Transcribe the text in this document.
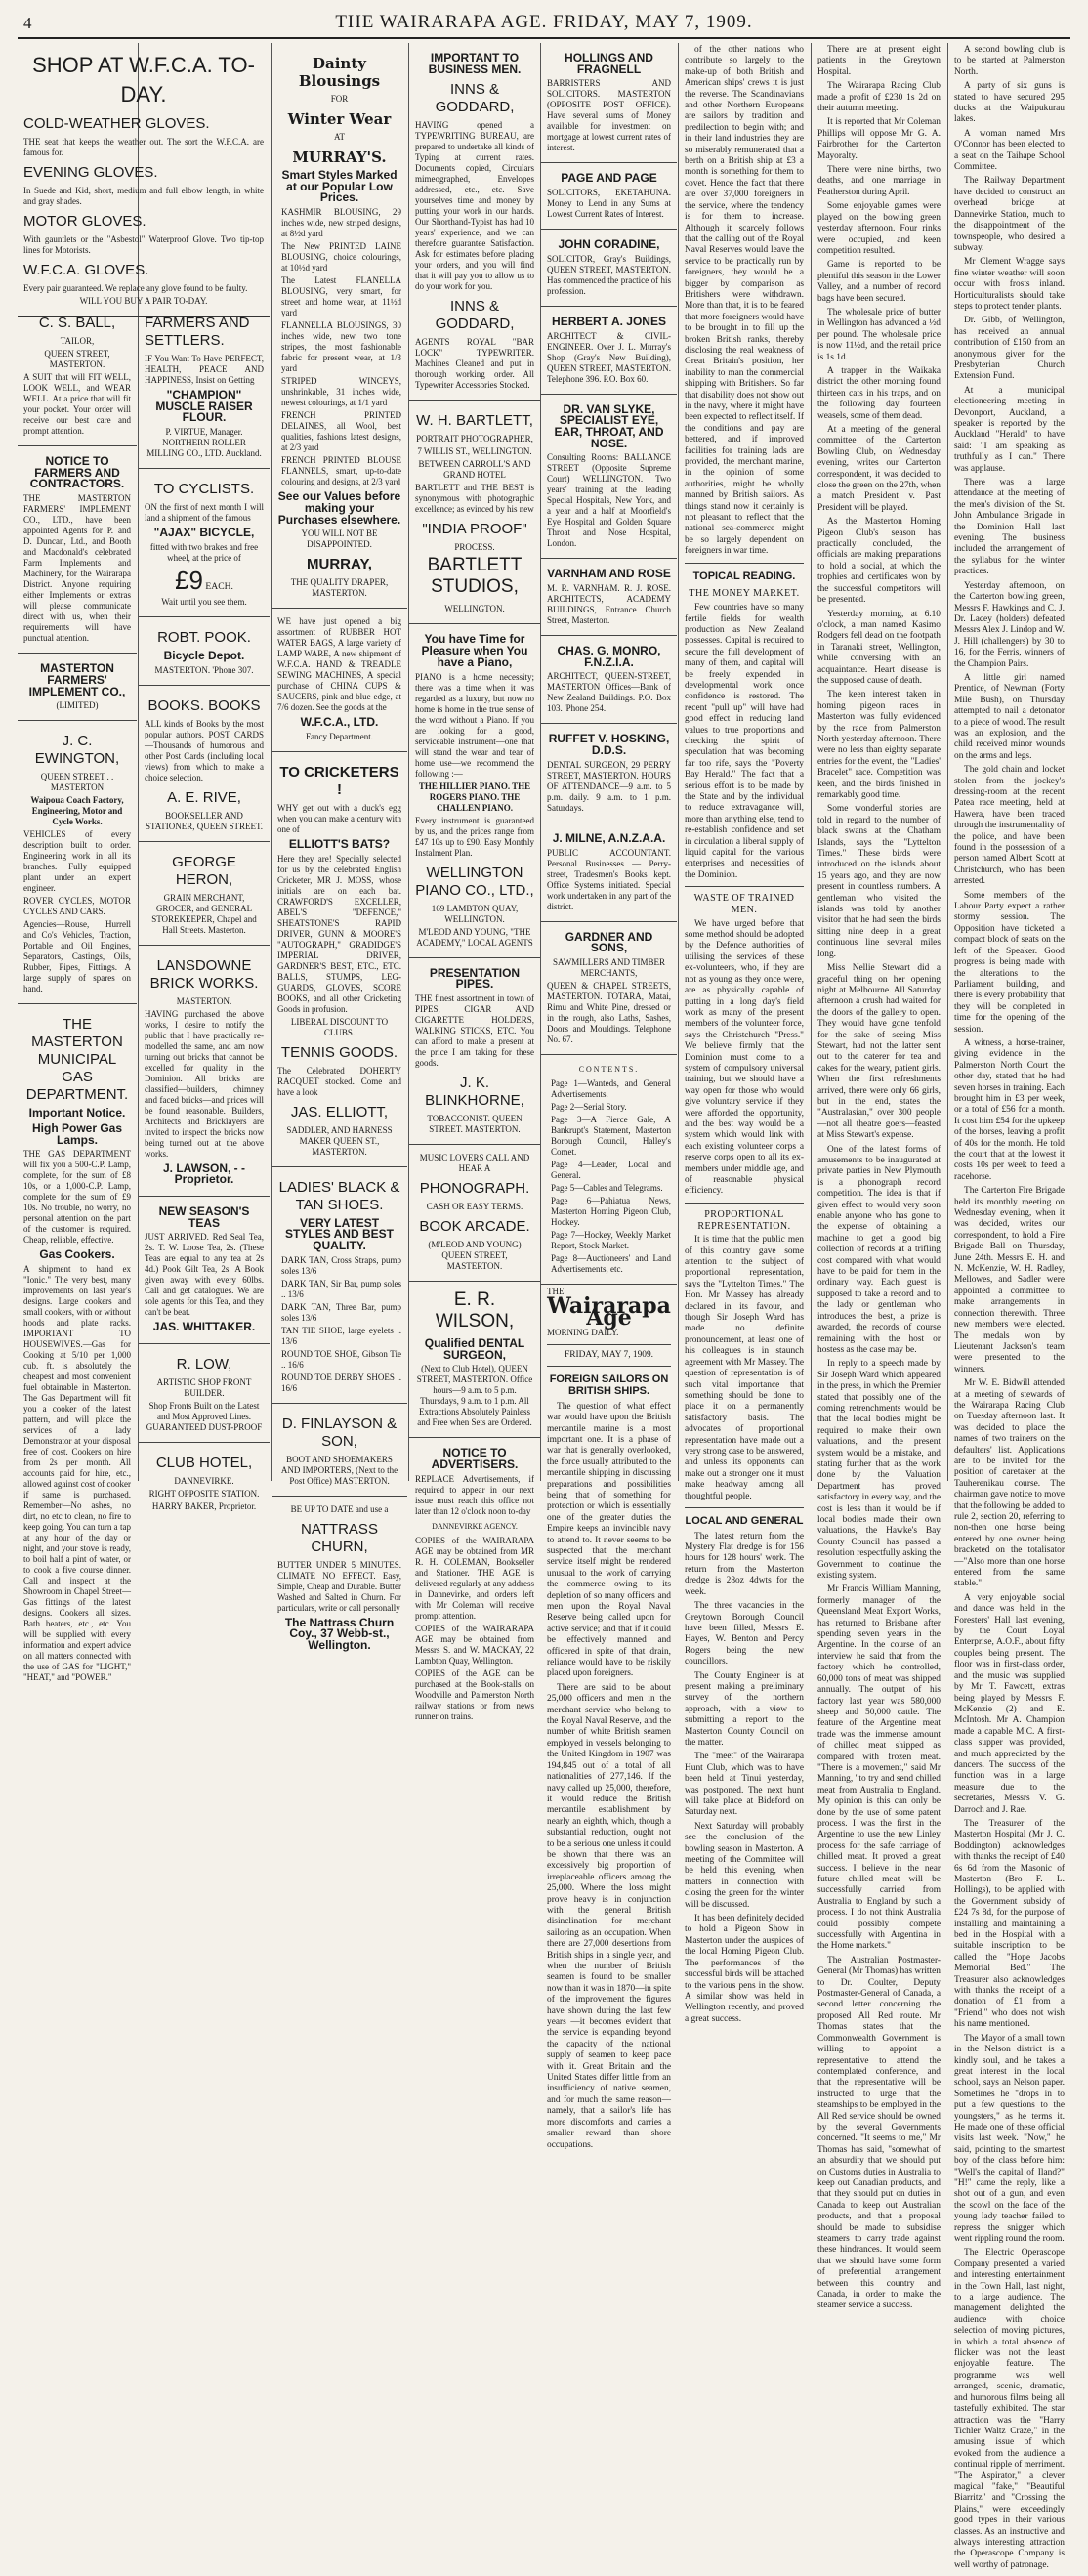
4	THE WAIRARAPA AGE. FRIDAY, MAY 7, 1909.
SHOP AT W.F.C.A. TO-DAY.
COLD-WEATHER GLOVES.

THE seat that keeps the weather out. The sort the W.F.C.A. are famous for.

EVENING GLOVES.

In Suede and Kid, short, medium and full elbow length, in white and gray shades.

MOTOR GLOVES.

With gauntlets or the "Asbestol" Waterproof Glove. Two tip-top lines for Motorists.

W.F.C.A. GLOVES.

Every pair guaranteed. We replace any glove found to be faulty.

WILL YOU BUY A PAIR TO-DAY.

C. S. BALL,

TAILOR,

QUEEN STREET, MASTERTON.

A SUIT that will FIT WELL, LOOK WELL, and WEAR WELL. At a price that will fit your pocket. Your order will receive our best care and prompt attention.

NOTICE TO FARMERS AND CONTRACTORS.

THE MASTERTON FARMERS' IMPLEMENT CO., LTD., have been appointed Agents for P. and D. Duncan, Ltd., and Booth and Macdonald's celebrated Farm Implements and Machinery, for the Wairarapa District. Anyone requiring either Implements or extras will please communicate direct with us, when their requirements will have punctual attention.

MASTERTON FARMERS' IMPLEMENT CO.,

(LIMITED)

J. C. EWINGTON,

QUEEN STREET . . MASTERTON

Waipoua Coach Factory, Engineering, Motor and Cycle Works.

VEHICLES of every description built to order. Engineering work in all its branches. Fully equipped plant under an expert engineer.

ROVER CYCLES, MOTOR CYCLES AND CARS.

Agencies—Rouse, Hurrell and Co's Vehicles, Traction, Portable and Oil Engines, Separators, Castings, Oils, Rubber, Pipes, Fittings. A large supply of spares on hand.

THE MASTERTON MUNICIPAL GAS DEPARTMENT.
Important Notice.
High Power Gas Lamps.

THE GAS DEPARTMENT will fix you a 500-C.P. Lamp, complete, for the sum of £8 10s, or a 1,000-C.P. Lamp, complete for the sum of £9 10s. No trouble, no worry, no personal attention on the part of the customer is required. Cheap, reliable, effective.

Gas Cookers.

A shipment to hand ex "Ionic." The very best, many improvements on last year's designs. Large cookers and small cookers, with or without hoods and plate racks. IMPORTANT TO HOUSEWIVES.—Gas for Cooking at 5/10 per 1,000 cub. ft. is absolutely the cheapest and most convenient fuel obtainable in Masterton. The Gas Department will fit you a cooker of the latest pattern, and will place the services of a lady Demonstrator at your disposal free of cost. Cookers on hire from 2s per month. All accounts paid for hire, etc., allowed against cost of cooker if same is purchased. Remember—No ashes, no dirt, no etc to clean, no fire to keep going. You can turn a tap at any hour of the day or night, and your stove is ready, to boil half a pint of water, or to cook a five course dinner. Call and inspect at the Showroom in Chapel Street—Gas fittings of the latest designs. Cookers all sizes. Bath heaters, etc., etc. You will be supplied with every information and expert advice on all matters connected with the use of GAS for "LIGHT," "HEAT," and "POWER."

FARMERS AND SETTLERS.

IF You Want To Have PERFECT, HEALTH, PEACE AND HAPPINESS, Insist on Getting

"CHAMPION" MUSCLE RAISER FLOUR.

P. VIRTUE, Manager. NORTHERN ROLLER MILLING CO., LTD. Auckland.

TO CYCLISTS.

ON the first of next month I will land a shipment of the famous

"AJAX" BICYCLE,

fitted with two brakes and free wheel, at the price of

£9 EACH.

Wait until you see them.

ROBT. POOK.
Bicycle Depot.

MASTERTON. 'Phone 307.

BOOKS. BOOKS

ALL kinds of Books by the most popular authors. POST CARDS—Thousands of humorous and other Post Cards (including local views) from which to make a choice selection.

A. E. RIVE,

BOOKSELLER AND STATIONER, QUEEN STREET.

GEORGE HERON,

GRAIN MERCHANT, GROCER, and GENERAL STOREKEEPER, Chapel and Hall Streets. Masterton.

LANSDOWNE BRICK WORKS.

MASTERTON.

HAVING purchased the above works, I desire to notify the public that I have practically re-modelled the same, and am now turning out bricks that cannot be excelled for quality in the Dominion. All bricks are classified—builders, chimney and faced bricks—and prices will be found reasonable. Builders, Architects and Bricklayers are invited to inspect the bricks now being turned out at the above works.

J. LAWSON, - - Proprietor.
NEW SEASON'S TEAS

JUST ARRIVED. Red Seal Tea, 2s. T. W. Loose Tea, 2s. (These Teas are equal to any tea at 2s 4d.) Pook Gilt Tea, 2s. A Book given away with every 60lbs. Call and get catalogues. We are sole agents for this Tea, and they can't be beat.

JAS. WHITTAKER.
R. LOW,

ARTISTIC SHOP FRONT BUILDER.

Shop Fronts Built on the Latest and Most Approved Lines. GUARANTEED DUST-PROOF

CLUB HOTEL,

DANNEVIRKE.

RIGHT OPPOSITE STATION.

HARRY BAKER, Proprietor.

Dainty Blousings

FOR

Winter Wear

AT

MURRAY'S.
Smart Styles Marked at our Popular Low Prices.

KASHMIR BLOUSING, 29 inches wide, new striped designs, at 8½d yard

The New PRINTED LAINE BLOUSING, choice colourings, at 10½d yard

The Latest FLANELLA BLOUSING, very smart, for street and home wear, at 11½d yard

FLANNELLA BLOUSINGS, 30 inches wide, new two tone stripes, the most fashionable fabric for present wear, at 1/3 yard

STRIPED WINCEYS, unshrinkable, 31 inches wide, newest colourings, at 1/1 yard

FRENCH PRINTED DELAINES, all Wool, best qualities, fashions latest designs, at 2/3 yard

FRENCH PRINTED BLOUSE FLANNELS, smart, up-to-date colouring and designs, at 2/3 yard

See our Values before making your Purchases elsewhere.

YOU WILL NOT BE DISAPPOINTED.

MURRAY,

THE QUALITY DRAPER, MASTERTON.

WE have just opened a big assortment of RUBBER HOT WATER BAGS, A large variety of LAMP WARE, A new shipment of W.F.C.A. HAND & TREADLE SEWING MACHINES, A special purchase of CHINA CUPS & SAUCERS, pink and blue edge, at 7/6 dozen. See the goods at the

W.F.C.A., LTD.

Fancy Department.

TO CRICKETERS !

WHY get out with a duck's egg when you can make a century with one of

ELLIOTT'S BATS?

Here they are! Specially selected for us by the celebrated English Cricketer, MR J. MOSS, whose initials are on each bat. CRAWFORD'S EXCELLER, ABEL'S "DEFENCE," SHEATSTONE'S RAPID DRIVER, GUNN & MOORE'S "AUTOGRAPH," GRADIDGE'S IMPERIAL DRIVER, GARDNER'S BEST, ETC., ETC. BALLS, STUMPS, LEG-GUARDS, GLOVES, SCORE BOOKS, and all other Cricketing Goods in profusion.

LIBERAL DISCOUNT TO CLUBS.

TENNIS GOODS.

The Celebrated DOHERTY RACQUET stocked. Come and have a look

JAS. ELLIOTT,

SADDLER, AND HARNESS MAKER QUEEN ST., MASTERTON.

LADIES' BLACK & TAN SHOES.
VERY LATEST STYLES AND BEST QUALITY.

DARK TAN, Cross Straps, pump soles 13/6

DARK TAN, Sir Bar, pump soles .. 13/6

DARK TAN, Three Bar, pump soles 13/6

TAN TIE SHOE, large eyelets .. 13/6

ROUND TOE SHOE, Gibson Tie .. 16/6

ROUND TOE DERBY SHOES .. 16/6

D. FINLAYSON & SON,

BOOT AND SHOEMAKERS AND IMPORTERS, (Next to the Post Office) MASTERTON.

BE UP TO DATE and use a

NATTRASS CHURN,

BUTTER UNDER 5 MINUTES. CLIMATE NO EFFECT. Easy, Simple, Cheap and Durable. Butter Washed and Salted in Churn. For particulars, write or call personally

The Nattrass Churn Coy., 37 Webb-st., Wellington.
IMPORTANT TO BUSINESS MEN.
INNS & GODDARD,

HAVING opened a TYPEWRITING BUREAU, are prepared to undertake all kinds of Typing at current rates. Documents copied, Circulars mimeographed, Envelopes addressed, etc., etc. Save yourselves time and money by putting your work in our hands. Our Shorthand-Typist has had 10 years' experience, and we can therefore guarantee Satisfaction. Ask for estimates before placing your orders, and you will find that it will pay you to allow us to do your work for you.

INNS & GODDARD,

AGENTS ROYAL "BAR LOCK" TYPEWRITER. Machines Cleaned and put in thorough working order. All Typewriter Accessories Stocked.

W. H. BARTLETT,

PORTRAIT PHOTOGRAPHER,

7 WILLIS ST., WELLINGTON.

BETWEEN CARROLL'S AND GRAND HOTEL

BARTLETT and THE BEST is synonymous with photographic excellence; as evinced by his new

"INDIA PROOF"

PROCESS.

BARTLETT STUDIOS,

WELLINGTON.

You have Time for Pleasure when You have a Piano,

PIANO is a home necessity; there was a time when it was regarded as a luxury, but now no home is home in the true sense of the word without a Piano. If you are looking for a good, serviceable instrument—one that will stand the wear and tear of home use—we recommend the following :—

THE HILLIER PIANO. THE ROGERS PIANO. THE CHALLEN PIANO.

Every instrument is guaranteed by us, and the prices range from £47 10s up to £90. Easy Monthly Instalment Plan.

WELLINGTON PIANO CO., LTD.,

169 LAMBTON QUAY, WELLINGTON.

M'LEOD AND YOUNG, "THE ACADEMY," LOCAL AGENTS

PRESENTATION PIPES.

THE finest assortment in town of PIPES, CIGAR AND CIGARETTE HOLDERS, WALKING STICKS, ETC. You can afford to make a present at the price I am taking for these goods.

J. K. BLINKHORNE,

TOBACCONIST. QUEEN STREET. MASTERTON.

MUSIC LOVERS CALL AND HEAR A

PHONOGRAPH.

CASH OR EASY TERMS.

BOOK ARCADE.

(M'LEOD AND YOUNG) QUEEN STREET, MASTERTON.

E. R. WILSON,
Qualified DENTAL SURGEON,

(Next to Club Hotel), QUEEN STREET, MASTERTON. Office hours—9 a.m. to 5 p.m. Thursdays, 9 a.m. to 1 p.m. All Extractions Absolutely Painless and Free when Sets are Ordered.

NOTICE TO ADVERTISERS.

REPLACE Advertisements, if required to appear in our next issue must reach this office not later than 12 o'clock noon to-day

DANNEVIRKE AGENCY.

COPIES of the WAIRARAPA AGE may be obtained from MR R. H. COLEMAN, Bookseller and Stationer. THE AGE is delivered regularly at any address in Dannevirke, and orders left with Mr Coleman will receive prompt attention.

COPIES of the WAIRARAPA AGE may be obtained from Messrs S. and W. MACKAY, 22 Lambton Quay, Wellington.

COPIES of the AGE can be purchased at the Book-stalls on Woodville and Palmerston North railway stations or from news runner on trains.

HOLLINGS AND FRAGNELL

BARRISTERS AND SOLICITORS. MASTERTON (OPPOSITE POST OFFICE). Have several sums of Money available for investment on mortgage at lowest current rates of interest.

PAGE AND PAGE

SOLICITORS, EKETAHUNA. Money to Lend in any Sums at Lowest Current Rates of Interest.

JOHN CORADINE,

SOLICITOR, Gray's Buildings, QUEEN STREET, MASTERTON. Has commenced the practice of his profession.

HERBERT A. JONES

ARCHITECT & CIVIL-ENGINEER. Over J. L. Murray's Shop (Gray's New Building), QUEEN STREET, MASTERTON. Telephone 396. P.O. Box 60.

DR. VAN SLYKE, SPECIALIST EYE, EAR, THROAT, AND NOSE.

Consulting Rooms: BALLANCE STREET (Opposite Supreme Court) WELLINGTON. Two years' training at the leading Special Hospitals, New York, and a year and a half at Moorfield's Eye Hospital and Golden Square Throat and Nose Hospital, London.

VARNHAM AND ROSE

M. R. VARNHAM. R. J. ROSE. ARCHITECTS, ACADEMY BUILDINGS, Entrance Church Street, Masterton.

CHAS. G. MONRO, F.N.Z.I.A.

ARCHITECT, QUEEN-STREET, MASTERTON Offices—Bank of New Zealand Buildings. P.O. Box 103. 'Phone 254.

RUFFET V. HOSKING, D.D.S.

DENTAL SURGEON, 29 PERRY STREET, MASTERTON. HOURS OF ATTENDANCE—9 a.m. to 5 p.m. daily. 9 a.m. to 1 p.m. Saturdays.

J. MILNE, A.N.Z.A.A.

PUBLIC ACCOUNTANT. Personal Businesses — Perry-street, Tradesmen's Books kept. Office Systems initiated. Special work undertaken in any part of the district.

GARDNER AND SONS,

SAWMILLERS AND TIMBER MERCHANTS,

QUEEN & CHAPEL STREETS, MASTERTON. TOTARA, Matai, Rimu and White Pine, dressed or in the rough, also Laths, Sashes, Doors and Mouldings. Telephone No. 67.

CONTENTS.

Page 1—Wanteds, and General Advertisements.

Page 2—Serial Story.

Page 3—A Fierce Gale, A Bankrupt's Statement, Masterton Borough Council, Halley's Comet.

Page 4—Leader, Local and General.

Page 5—Cables and Telegrams.

Page 6—Pahiatua News, Masterton Homing Pigeon Club, Hockey.

Page 7—Hockey, Weekly Market Report, Stock Market.

Page 8—Auctioneers' and Land Advertisements, etc.

THE

Wairarapa Age

MORNING DAILY.

FRIDAY, MAY 7, 1909.

FOREIGN SAILORS ON BRITISH SHIPS.

The question of what effect war would have upon the British mercantile marine is a most important one. It is a phase of war that is generally overlooked, the force usually attributed to the mercantile shipping in discussing preparations and possibilities being that of something for protection or which is essentially one of the greater duties the Empire keeps an invincible navy to attend to. It never seems to be suspected that the merchant service itself might be rendered unusual to the work of carrying the commerce owing to its depletion of so many officers and men upon the Royal Naval Reserve being called upon for active service; and that if it could be effectively manned and officered in spite of that drain, reliance would have to be riskily placed upon foreigners.

There are said to be about 25,000 officers and men in the merchant service who belong to the Royal Naval Reserve, and the number of white British seamen employed in vessels belonging to the United Kingdom in 1907 was 194,845 out of a total of all nationalities of 277,146. If the navy called up 25,000, therefore, it would reduce the British mercantile establishment by nearly an eighth, which, though a substantial reduction, ought not to be a serious one unless it could be shown that there was an excessively big proportion of irreplaceable officers among the 25,000. Where the loss might prove heavy is in conjunction with the general British disinclination for merchant sailoring as an occupation. When there are 27,000 desertions from British ships in a single year, and when the number of British seamen is found to be smaller now than it was in 1870—in spite of the improvement the figures have shown during the last few years —it becomes evident that the service is expanding beyond the capacity of the national supply of seamen to keep pace with it. Great Britain and the United States differ little from an insufficiency of native seamen, and for much the same reason—namely, that a sailor's life has more discomforts and carries a smaller reward than shore occupations.

of the other nations who contribute so largely to the make-up of both British and American ships' crews it is just the reverse. The Scandinavians and other Northern Europeans are sailors by tradition and predilection to begin with; and in their land industries they are so miserably remunerated that a berth on a British ship at £3 a month is something for them to covet. Hence the fact that there are over 37,000 foreigners in the service, where the tendency is for them to increase. Although it scarcely follows that the calling out of the Royal Naval Reserves would leave the service to be practically run by foreigners, they would be a bigger by comparison as Britishers were withdrawn. More than that, it is to be feared that more foreigners would have to be brought in to fill up the broken British ranks, thereby disclosing the real weakness of Great Britain's position, her inability to man the commercial shipping with Britishers. So far that disability does not show out in the navy, where it might have been expected to reflect itself. If the conditions and pay are bettered, and if improved facilities for training lads are provided, the merchant marine, in the opinion of some authorities, might be wholly manned by British sailors. As things stand now it certainly is not pleasant to reflect that the national sea-commerce might be so largely dependent on foreigners in war time.

TOPICAL READING.
THE MONEY MARKET.

Few countries have so many fertile fields for wealth production as New Zealand possesses. Capital is required to secure the full development of many of them, and capital will be freely expended in developmental work once confidence is restored. The recent "pull up" will have had good effect in reducing land values to true proportions and checking the spirit of speculation that was becoming far too rife, says the "Poverty Bay Herald." The fact that a serious effort is to be made by the State and by the individual to reduce extravagance will, more than anything else, tend to re-establish confidence and set in circulation a liberal supply of liquid capital for the various enterprises and necessities of the Dominion.

WASTE OF TRAINED MEN.

We have urged before that some method should be adopted by the Defence authorities of utilising the services of these ex-volunteers, who, if they are not as young as they once were, are as physically capable of putting in a long day's field work as many of the present members of the volunteer force, says the Christchurch "Press." We believe firmly that the Dominion must come to a system of compulsory universal training, but we should have a way open for those who would give voluntary service if they were afforded the opportunity, and the best way would be a system which would link with each existing volunteer corps a reserve corps open to all its ex-members under middle age, and of reasonable physical efficiency.

PROPORTIONAL REPRESENTATION.

It is time that the public men of this country gave some attention to the subject of proportional representation, says the "Lyttelton Times." The Hon. Mr Massey has already declared in its favour, and though Sir Joseph Ward has made no definite pronouncement, at least one of his colleagues is in staunch agreement with Mr Massey. The question of representation is of such vital importance that something should be done to place it on a permanently satisfactory basis. The advocates of proportional representation have made out a very strong case to be answered, and unless its opponents can make out a stronger one it must make headway among all thoughtful people.

LOCAL AND GENERAL

The latest return from the Mystery Flat dredge is for 156 hours for 128 hours' work. The return from the Masterton dredge is 28oz 4dwts for the week.

The three vacancies in the Greytown Borough Council have been filled, Messrs E. Hayes, W. Benton and Percy Rogers being the new councillors.

The County Engineer is at present making a preliminary survey of the northern approach, with a view to submitting a report to the Masterton County Council on the matter.

The "meet" of the Wairarapa Hunt Club, which was to have been held at Tinui yesterday, was postponed. The next hunt will take place at Bideford on Saturday next.

Next Saturday will probably see the conclusion of the bowling season in Masterton. A meeting of the Committee will be held this evening, when matters in connection with closing the green for the winter will be discussed.

It has been definitely decided to hold a Pigeon Show in Masterton under the auspices of the local Homing Pigeon Club. The performances of the successful birds will be attached to the various pens in the show. A similar show was held in Wellington recently, and proved a great success.

There are at present eight patients in the Greytown Hospital.

The Wairarapa Racing Club made a profit of £230 1s 2d on their autumn meeting.

It is reported that Mr Coleman Phillips will oppose Mr G. A. Fairbrother for the Carterton Mayoralty.

There were nine births, two deaths, and one marriage in Featherston during April.

Some enjoyable games were played on the bowling green yesterday afternoon. Four rinks were occupied, and keen competition resulted.

Game is reported to be plentiful this season in the Lower Valley, and a number of record bags have been secured.

The wholesale price of butter in Wellington has advanced a ½d per pound. The wholesale price is now 11½d, and the retail price is 1s 1d.

A trapper in the Waikaka district the other morning found thirteen cats in his traps, and on the following day fourteen weasels, some of them dead.

At a meeting of the general committee of the Carterton Bowling Club, on Wednesday evening, writes our Carterton correspondent, it was decided to close the green on the 27th, when a match President v. Past President will be played.

As the Masterton Homing Pigeon Club's season has practically concluded, the officials are making preparations to hold a social, at which the trophies and certificates won by the successful competitors will be presented.

Yesterday morning, at 6.10 o'clock, a man named Kasimo Rodgers fell dead on the footpath in Taranaki street, Wellington, while conversing with an acquaintance. Heart disease is the supposed cause of death.

The keen interest taken in homing pigeon races in Masterton was fully evidenced by the race from Palmerston North yesterday afternoon. There were no less than eighty separate entries for the event, the "Ladies' Bracelet" race. Competition was keen, and the birds finished in remarkably good time.

Some wonderful stories are told in regard to the number of black swans at the Chatham Islands, says the "Lyttelton Times." These birds were introduced on the islands about 15 years ago, and they are now present in countless numbers. A gentleman who visited the islands was told by another visitor that he had seen the birds sitting nine deep in a great continuous line several miles long.

Miss Nellie Stewart did a graceful thing on her opening night at Melbourne. All Saturday afternoon a crush had waited for the doors of the gallery to open. They would have gone tenfold for the sake of seeing Miss Stewart, had not the latter sent out to the caterer for tea and cakes for the weary, patient girls. When the first refreshments arrived, there were only 66 girls, but in the end, states the "Australasian," over 300 people—not all theatre goers—feasted at Miss Stewart's expense.

One of the latest forms of amusements to be inaugurated at private parties in New Plymouth is a phonograph record competition. The idea is that if given effect to would very soon enable anyone who has gone to the expense of obtaining a machine to get a good big collection of records at a trifling cost compared with what would have to be paid for them in the ordinary way. Each guest is supposed to take a record and to the lady or gentleman who introduces the best, a prize is awarded, the records of course remaining with the host or hostess as the case may be.

In reply to a speech made by Sir Joseph Ward which appeared in the press, in which the Premier stated that possibly one of the coming retrenchments would be that the local bodies might be required to make their own valuations, and the present system would be a mistake, and stating further that as the work done by the Valuation Department has proved satisfactory in every way, and the cost is less than it would be if local bodies made their own valuations, the Hawke's Bay County Council has passed a resolution respectfully asking the Government to continue the existing system.

Mr Francis William Manning, formerly manager of the Queensland Meat Export Works, has returned to Brisbane after spending seven years in the Argentine. In the course of an interview he said that from the factory which he controlled, 60,000 tons of meat was shipped annually. The output of his factory last year was 580,000 sheep and 50,000 cattle. The feature of the Argentine meat trade was the immense amount of chilled meat shipped as compared with frozen meat. "There is a movement," said Mr Manning, "to try and send chilled meat from Australia to England. My opinion is this can only be done by the use of some patent process. I was the first in the Argentine to use the new Linley process for the safe carriage of chilled meat. It proved a great success. I believe in the near future chilled meat will be successfully carried from Australia to England by such a process. I do not think Australia could possibly compete successfully with Argentina in the Home markets."

The Australian Postmaster-General (Mr Thomas) has written to Dr. Coulter, Deputy Postmaster-General of Canada, a second letter concerning the proposed All Red route. Mr Thomas states that the Commonwealth Government is willing to appoint a representative to attend the contemplated conference, and that the representative will be instructed to urge that the steamships to be employed in the All Red service should be owned by the several Governments concerned. "It seems to me," Mr Thomas has said, "somewhat of an absurdity that we should put on Customs duties in Australia to keep out Canadian products, and that they should put on duties in Canada to keep out Australian products, and that a proposal should be made to subsidise steamers to carry trade against these hindrances. It would seem that we should have some form of preferential arrangement between this country and Canada, in order to make the steamer service a success.

A second bowling club is to be started at Palmerston North.

A party of six guns is stated to have secured 295 ducks at the Waipukurau lakes.

A woman named Mrs O'Connor has been elected to a seat on the Taihape School Committee.

The Railway Department have decided to construct an overhead bridge at Dannevirke Station, much to the disappointment of the townspeople, who desired a subway.

Mr Clement Wragge says fine winter weather will soon occur with frosts inland. Horticulturalists should take steps to protect tender plants.

Dr. Gibb, of Wellington, has received an annual contribution of £150 from an anonymous giver for the Presbyterian Church Extension Fund.

At a municipal electioneering meeting in Devonport, Auckland, a speaker is reported by the Auckland "Herald" to have said: "I am speaking as truthfully as I can." There was applause.

There was a large attendance at the meeting of the men's division of the St. John Ambulance Brigade in the Dominion Hall last evening. The business included the arrangement of the syllabus for the winter practices.

Yesterday afternoon, on the Carterton bowling green, Messrs F. Hawkings and C. J. Dr. Lacey (holders) defeated Messrs Alex J. Lindop and W. J. Hill (challengers) by 30 to 16, for the Ferris, winners of the Champion Pairs.

A little girl named Prentice, of Newman (Forty Mile Bush), on Thursday attempted to nail a detonator to a piece of wood. The result was an explosion, and the child received minor wounds on the arms and legs.

The gold chain and locket stolen from the jockey's dressing-room at the recent Patea race meeting, held at Hawera, have been traced through the instrumentality of the police, and have been found in the possession of a person named Albert Scott at Christchurch, who has been arrested.

Some members of the Labour Party expect a rather stormy session. The Opposition have ticketed a compact block of seats on the left of the Speaker. Good progress is being made with the alterations to the Parliament building, and there is every probability that they will be completed in time for the opening of the session.

A witness, a horse-trainer, giving evidence in the Palmerston North Court the other day, stated that he had seven horses in training. Each brought him in £3 per week, or a total of £56 for a month. It cost him £54 for the upkeep of the horses, leaving a profit of 40s for the month. He told the court that at the lowest it costs 10s per week to feed a racehorse.

The Carterton Fire Brigade held its monthly meeting on Wednesday evening, when it was decided, writes our correspondent, to hold a Fire Brigade Ball on Thursday, June 24th. Messrs E. H. and N. McKenzie, W. H. Radley, Mellowes, and Sadler were appointed a committee to make arrangements in connection therewith. Three new members were elected. The medals won by Lieutenant Jackson's team were presented to the winners.

Mr W. E. Bidwill attended at a meeting of stewards of the Wairarapa Racing Club on Tuesday afternoon last. It was decided to place the names of two trainers on the defaulters' list. Applications are to be invited for the position of caretaker at the Tauherenikau course. The chairman gave notice to move that the following be added to rule 2, section 20, referring to non-then one horse being entered by one owner being bracketed on the totalisator—"Also more than one horse entered from the same stable."

A very enjoyable social and dance was held in the Foresters' Hall last evening, by the Court Loyal Enterprise, A.O.F., about fifty couples being present. The floor was in first-class order, and the music was supplied by Mr T. Fawcett, extras being played by Messrs F. McKenzie (2) and E. McIntosh. Mr A. Champion made a capable M.C. A first-class supper was provided, and much appreciated by the dancers. The success of the function was in a large measure due to the secretaries, Messrs V. G. Darroch and J. Rae.

The Treasurer of the Masterton Hospital (Mr J. C. Boddington) acknowledges with thanks the receipt of £40 6s 6d from the Masonic of Masterton (Bro F. L. Hollings), to be applied with the Government subsidy of £24 7s 8d, for the purpose of installing and maintaining a bed in the Hospital with a suitable inscription to be called the "Hope Jacobs Memorial Bed." The Treasurer also acknowledges with thanks the receipt of a donation of £1 from a "Friend," who does not wish his name mentioned.

The Mayor of a small town in the Nelson district is a kindly soul, and he takes a great interest in the local school, says an Nelson paper. Sometimes he "drops in to put a few questions to the youngsters," as he terms it. He made one of these official visits last week. "Now," he said, pointing to the smartest boy of the class before him: "Well's the capital of Iland?" "H!" came the reply, like a shot out of a gun, and even the scowl on the face of the young lady teacher failed to repress the snigger which went rippling round the room.

The Electric Operascope Company presented a varied and interesting entertainment in the Town Hall, last night, to a large audience. The management delighted the audience with choice selection of moving pictures, in which a total absence of flicker was not the least enjoyable feature. The programme was well arranged, scenic, dramatic, and humorous films being all tastefully exhibited. The star attraction was the "Harry Tichler Waltz Craze," in the amusing issue of which evoked from the audience a continual ripple of merriment. "The Aspirator," a clever magical "fake," "Beautiful Biarritz" and "Crossing the Plains," were exceedingly good types in their various classes. As an instructive and always interesting attraction the Operascope Company is well worthy of patronage.
